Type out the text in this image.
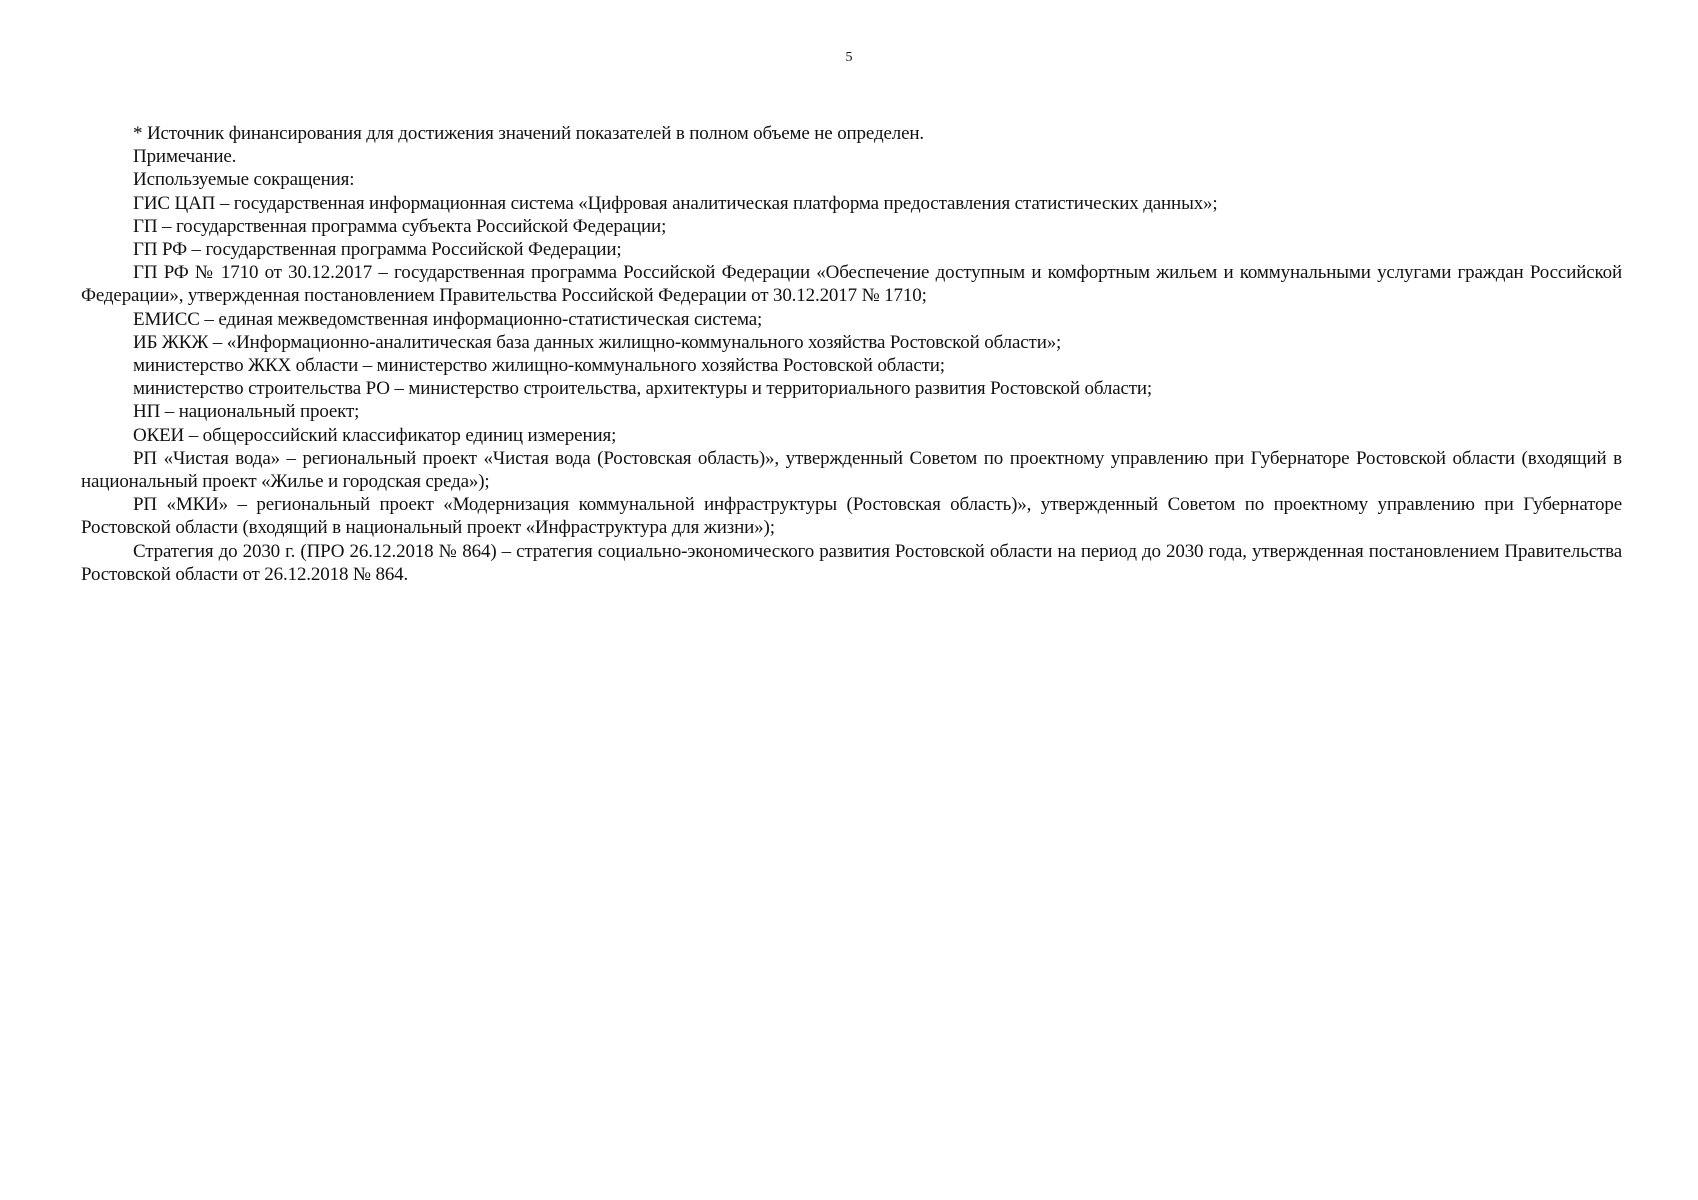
5

* Источник финансирования для достижения значений показателей в полном объеме не определен.

Примечание.

Используемые сокращения:

ГИС ЦАП – государственная информационная система «Цифровая аналитическая платформа предоставления статистических данных»;

ГП – государственная программа субъекта Российской Федерации;

ГП РФ – государственная программа Российской Федерации;

ГП РФ № 1710 от 30.12.2017 – государственная программа Российской Федерации «Обеспечение доступным и комфортным жильем и коммунальными услугами граждан Российской Федерации», утвержденная постановлением Правительства Российской Федерации от 30.12.2017 № 1710;

ЕМИСС – единая межведомственная информационно-статистическая система;

ИБ ЖКЖ – «Информационно-аналитическая база данных жилищно-коммунального хозяйства Ростовской области»;

министерство ЖКХ области – министерство жилищно-коммунального хозяйства Ростовской области;

министерство строительства РО – министерство строительства, архитектуры и территориального развития Ростовской области;

НП – национальный проект;

ОКЕИ – общероссийский классификатор единиц измерения;

РП «Чистая вода» – региональный проект «Чистая вода (Ростовская область)», утвержденный Советом по проектному управлению при Губернаторе Ростовской области (входящий в национальный проект «Жилье и городская среда»);

РП «МКИ» – региональный проект «Модернизация коммунальной инфраструктуры (Ростовская область)», утвержденный Советом по проектному управлению при Губернаторе Ростовской области (входящий в национальный проект «Инфраструктура для жизни»);

Стратегия до 2030 г. (ПРО 26.12.2018 № 864) – стратегия социально-экономического развития Ростовской области на период до 2030 года, утвержденная постановлением Правительства Ростовской области от 26.12.2018 № 864.
